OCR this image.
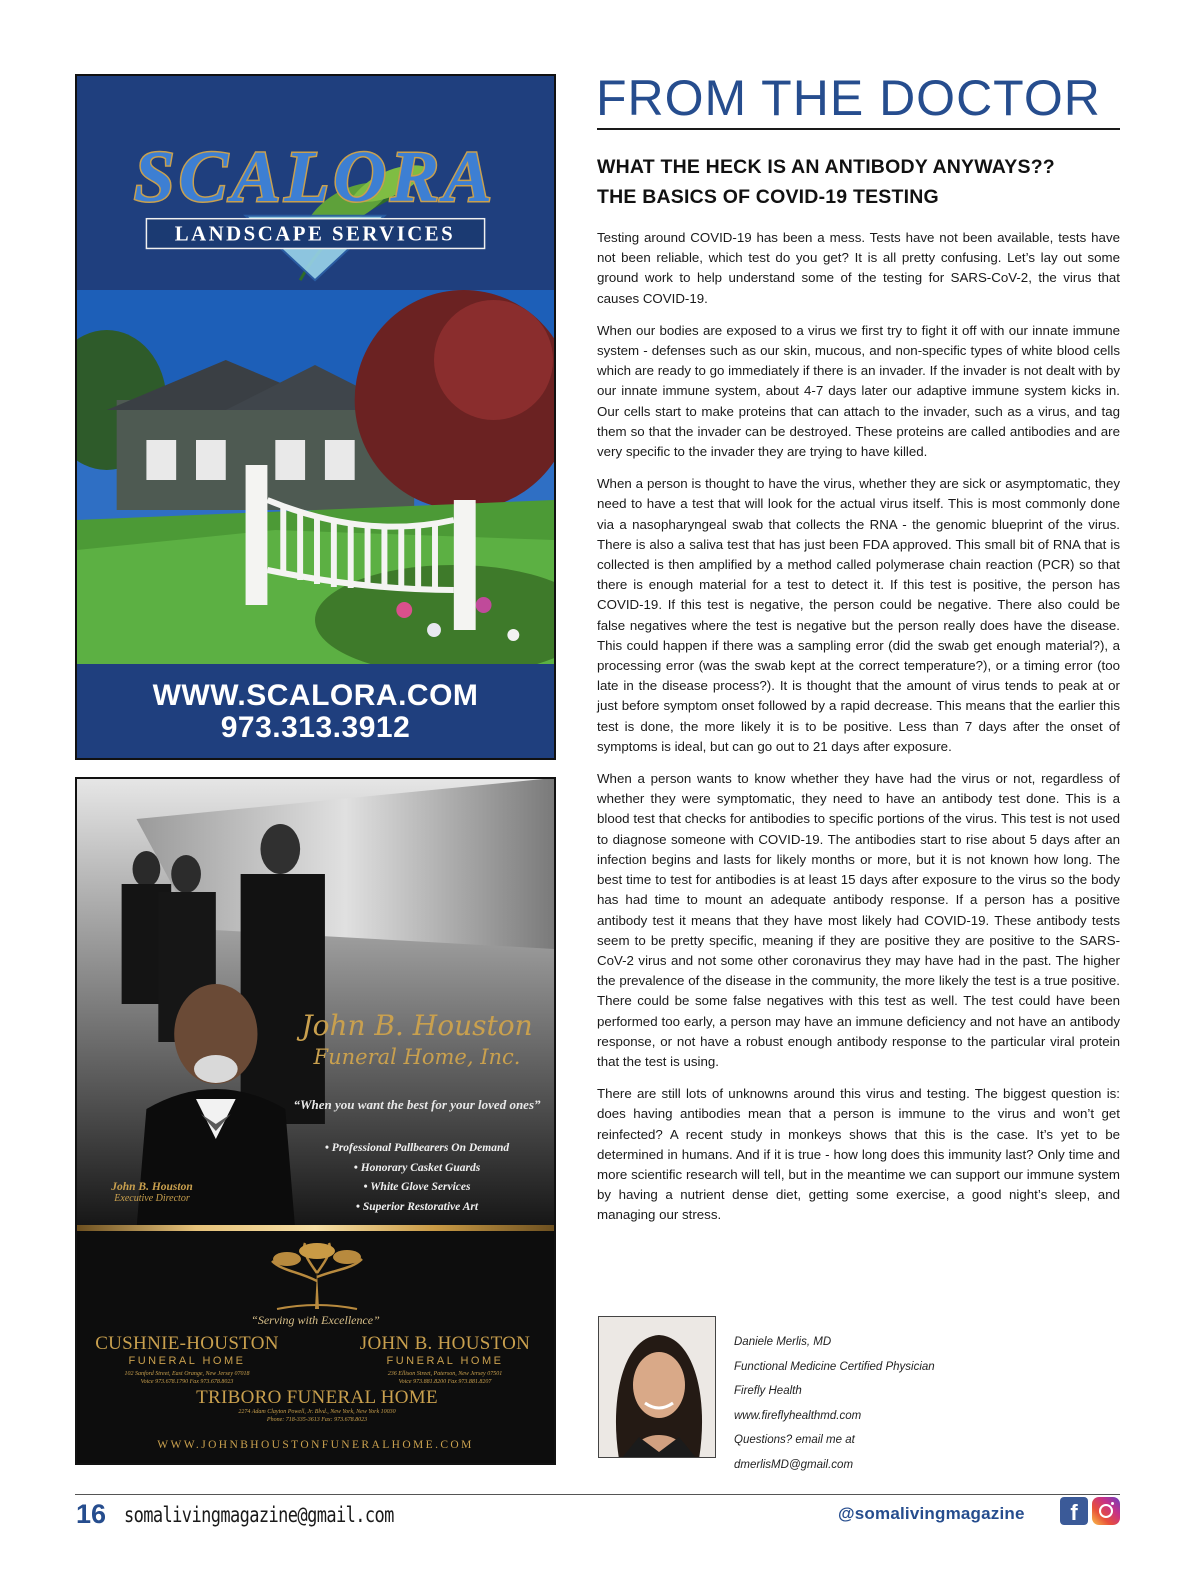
SCALORA
LANDSCAPE SERVICES
WWW.SCALORA.COM
973.313.3912
John B. Houston
Funeral Home, Inc.
“When you want the best for your loved ones”
• Professional Pallbearers On Demand
• Honorary Casket Guards
• White Glove Services
• Superior Restorative Art
John B. Houston
Executive Director
“Serving with Excellence”
CUSHNIE-HOUSTON
FUNERAL HOME
102 Sanford Street, East Orange, New Jersey 07018
Voice 973.678.1790 Fax 973.678.8023
JOHN B. HOUSTON
FUNERAL HOME
236 Ellison Street, Paterson, New Jersey 07501
Voice 973.881.8200 Fax 973.881.8207
TRIBORO FUNERAL HOME
WWW.JOHNBHOUSTONFUNERALHOME.COM
2274 Adam Clayton Powell, Jr. Blvd., New York, New York 10030
Phone: 718-335-3613 Fax: 973.678.8023
FROM THE DOCTOR
WHAT THE HECK IS AN ANTIBODY ANYWAYS??
THE BASICS OF COVID-19 TESTING

Testing around COVID-19 has been a mess. Tests have not been available, tests have not been reliable, which test do you get? It is all pretty confusing. Let’s lay out some ground work to help understand some of the testing for SARS-CoV-2, the virus that causes COVID-19.

When our bodies are exposed to a virus we first try to fight it off with our innate immune system - defenses such as our skin, mucous, and non-specific types of white blood cells which are ready to go immediately if there is an invader. If the invader is not dealt with by our innate immune system, about 4-7 days later our adaptive immune system kicks in. Our cells start to make proteins that can attach to the invader, such as a virus, and tag them so that the invader can be destroyed. These proteins are called antibodies and are very specific to the invader they are trying to have killed.

When a person is thought to have the virus, whether they are sick or asymptomatic, they need to have a test that will look for the actual virus itself. This is most commonly done via a nasopharyngeal swab that collects the RNA - the genomic blueprint of the virus. There is also a saliva test that has just been FDA approved. This small bit of RNA that is collected is then amplified by a method called polymerase chain reaction (PCR) so that there is enough material for a test to detect it. If this test is positive, the person has COVID-19. If this test is negative, the person could be negative. There also could be false negatives where the test is negative but the person really does have the disease. This could happen if there was a sampling error (did the swab get enough material?), a processing error (was the swab kept at the correct temperature?), or a timing error (too late in the disease process?). It is thought that the amount of virus tends to peak at or just before symptom onset followed by a rapid decrease. This means that the earlier this test is done, the more likely it is to be positive. Less than 7 days after the onset of symptoms is ideal, but can go out to 21 days after exposure.

When a person wants to know whether they have had the virus or not, regardless of whether they were symptomatic, they need to have an antibody test done. This is a blood test that checks for antibodies to specific portions of the virus. This test is not used to diagnose someone with COVID-19. The antibodies start to rise about 5 days after an infection begins and lasts for likely months or more, but it is not known how long. The best time to test for antibodies is at least 15 days after exposure to the virus so the body has had time to mount an adequate antibody response. If a person has a positive antibody test it means that they have most likely had COVID-19. These antibody tests seem to be pretty specific, meaning if they are positive they are positive to the SARS-CoV-2 virus and not some other coronavirus they may have had in the past. The higher the prevalence of the disease in the community, the more likely the test is a true positive. There could be some false negatives with this test as well. The test could have been performed too early, a person may have an immune deficiency and not have an antibody response, or not have a robust enough antibody response to the particular viral protein that the test is using.

There are still lots of unknowns around this virus and testing. The biggest question is: does having antibodies mean that a person is immune to the virus and won’t get reinfected? A recent study in monkeys shows that this is the case. It’s yet to be determined in humans. And if it is true - how long does this immunity last? Only time and more scientific research will tell, but in the meantime we can support our immune system by having a nutrient dense diet, getting some exercise, a good night’s sleep, and managing our stress.

Daniele Merlis, MD
Functional Medicine Certified Physician
Firefly Health
www.fireflyhealthmd.com
Questions? email me at
dmerlisMD@gmail.com
16 somalivingmagazine@gmail.com	@somalivingmagazine	f
